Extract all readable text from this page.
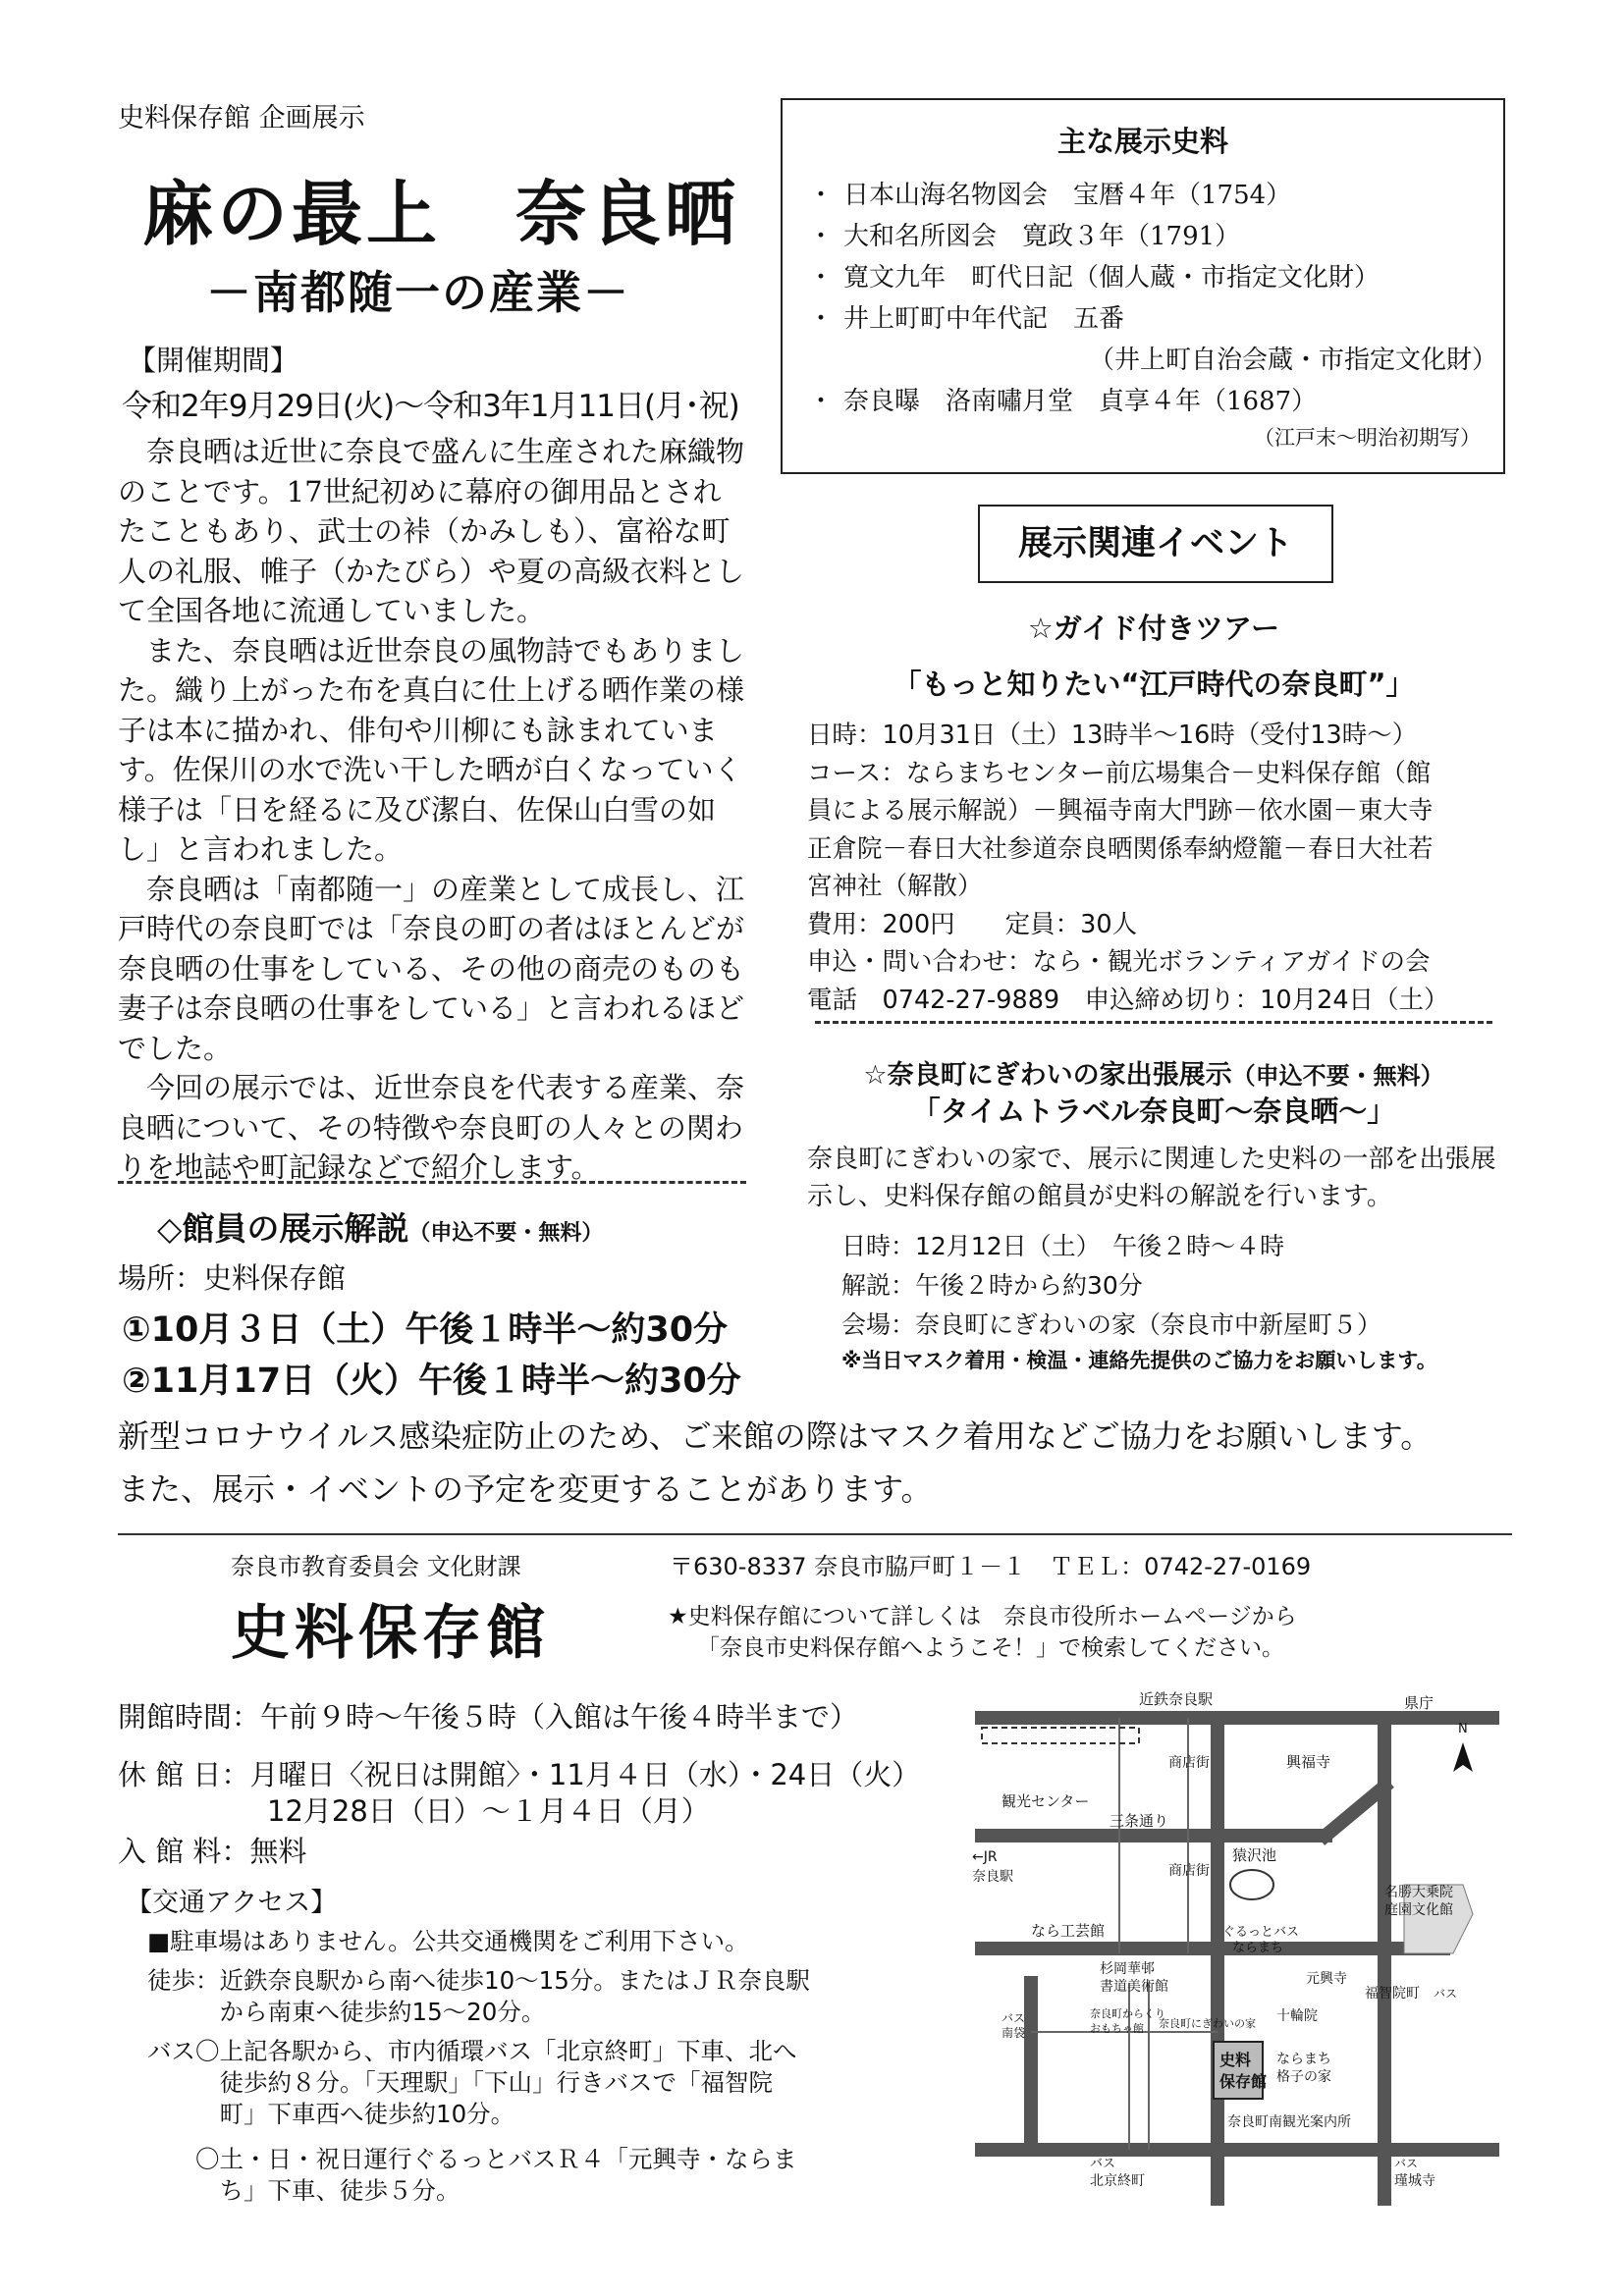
史料保存館 企画展示
麻の最上　奈良晒
－南都随一の産業－
【開催期間】
令和2年9月29日(火)～令和3年1月11日(月･祝)

奈良晒は近世に奈良で盛んに生産された麻織物のことです。17世紀初めに幕府の御用品とされたこともあり、武士の裃（かみしも）、富裕な町人の礼服、帷子（かたびら）や夏の高級衣料として全国各地に流通していました。

また、奈良晒は近世奈良の風物詩でもありました。織り上がった布を真白に仕上げる晒作業の様子は本に描かれ、俳句や川柳にも詠まれています。佐保川の水で洗い干した晒が白くなっていく様子は「日を経るに及び潔白、佐保山白雪の如し」と言われました。

奈良晒は「南都随一」の産業として成長し、江戸時代の奈良町では「奈良の町の者はほとんどが奈良晒の仕事をしている、その他の商売のものも妻子は奈良晒の仕事をしている」と言われるほどでした。

今回の展示では、近世奈良を代表する産業、奈良晒について、その特徴や奈良町の人々との関わりを地誌や町記録などで紹介します。

◇館員の展示解説（申込不要・無料）
場所：史料保存館
①10月３日（土）午後１時半～約30分
②11月17日（火）午後１時半～約30分
主な展示史料
・ 日本山海名物図会　宝暦４年（1754）
・ 大和名所図会　寛政３年（1791）
・ 寛文九年　町代日記（個人蔵・市指定文化財）
・ 井上町町中年代記　五番
（井上町自治会蔵・市指定文化財）
・ 奈良曝　洛南嘯月堂　貞享４年（1687）
（江戸末～明治初期写）
展示関連イベント
☆ガイド付きツアー
「もっと知りたい“江戸時代の奈良町”」
日時：10月31日（土）13時半～16時（受付13時～）
コース：ならまちセンター前広場集合－史料保存館（館
員による展示解説）－興福寺南大門跡－依水園－東大寺
正倉院－春日大社参道奈良晒関係奉納燈籠－春日大社若
宮神社（解散）
費用：200円　　定員：30人
申込・問い合わせ：なら・観光ボランティアガイドの会
電話　0742-27-9889　申込締め切り：10月24日（土）
☆奈良町にぎわいの家出張展示（申込不要・無料）
「タイムトラベル奈良町～奈良晒～」
奈良町にぎわいの家で、展示に関連した史料の一部を出張展示し、史料保存館の館員が史料の解説を行います。
日時：12月12日（土）　午後２時～４時
解説：午後２時から約30分
会場：奈良町にぎわいの家（奈良市中新屋町５）
※当日マスク着用・検温・連絡先提供のご協力をお願いします。
新型コロナウイルス感染症防止のため、ご来館の際はマスク着用などご協力をお願いします。
また、展示・イベントの予定を変更することがあります。
奈良市教育委員会 文化財課	〒630-8337 奈良市脇戸町１－１　ＴＥＬ：0742-27-0169
史料保存館	★史料保存館について詳しくは　奈良市役所ホームページから
「奈良市史料保存館へようこそ！」で検索してください。
開館時間：午前９時～午後５時（入館は午後４時半まで）
休 館 日：月曜日〈祝日は開館〉・11月４日（水）・24日（火）
12月28日（日）～１月４日（月）
入 館 料：無料
【交通アクセス】
■駐車場はありません。公共交通機関をご利用下さい。
徒歩：近鉄奈良駅から南へ徒歩10～15分。またはＪＲ奈良駅
から南東へ徒歩約15～20分。
バス〇上記各駅から、市内循環バス「北京終町」下車、北へ
徒歩約８分。「天理駅」「下山」行きバスで「福智院
町」下車西へ徒歩約10分。
〇土・日・祝日運行ぐるっとバスＲ４「元興寺・ならま
ち」下車、徒歩５分。
近鉄奈良駅	県庁
興福寺
N
観光センター
商店街
←JR
奈良駅
三条通り
猿沢池
商店街
なら工芸館	ぐるっとバス
ならまち
名勝大乗院
庭園文化館
杉岡華邨
書道美術館
史料
保存館
元興寺
バス
南袋
奈良町からくり
おもちゃ館 奈良町にぎわいの家
福智院町 バス
十輪院
ならまち
格子の家
奈良町南観光案内所
バス
北京終町
バス
瑾城寺
